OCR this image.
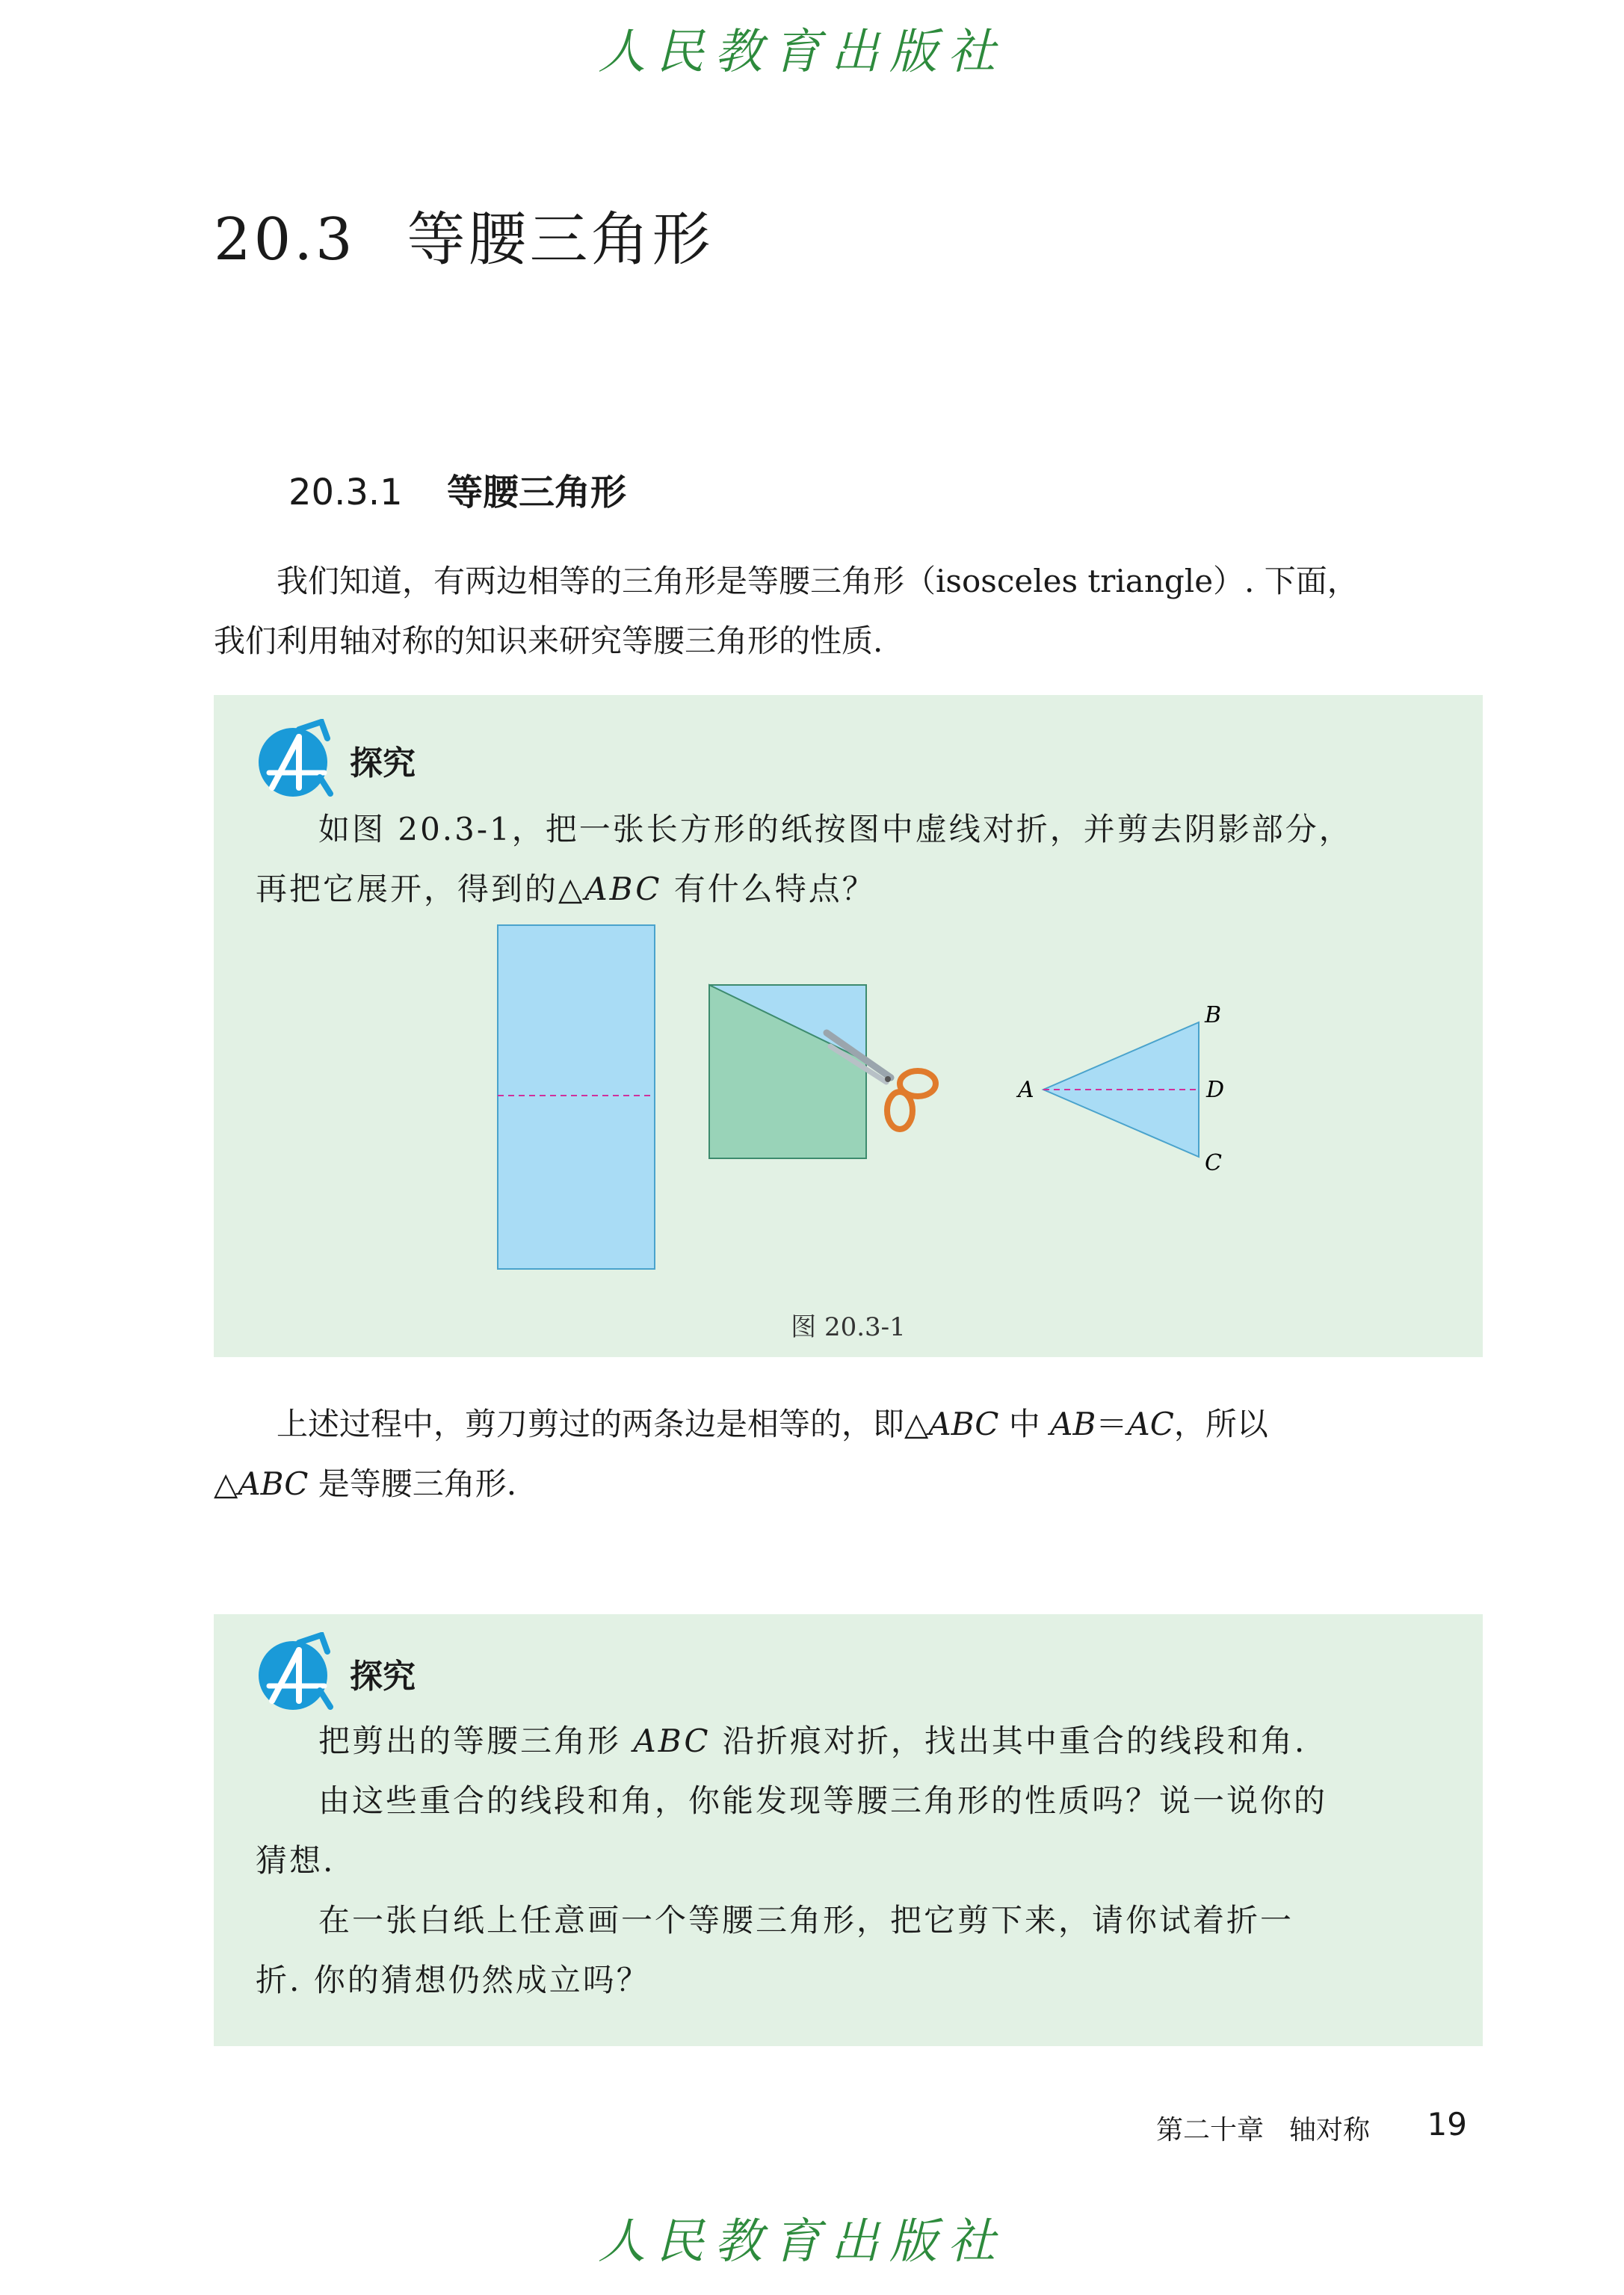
人民教育出版社
20.3 等腰三角形
20.3.1 等腰三角形
我们知道，有两边相等的三角形是等腰三角形（isosceles triangle）. 下面，
我们利用轴对称的知识来研究等腰三角形的性质.
探究
如图 20.3-1，把一张长方形的纸按图中虚线对折，并剪去阴影部分，
再把它展开，得到的△ABC 有什么特点？
A
B
D
C
图 20.3-1
上述过程中，剪刀剪过的两条边是相等的，即△ABC 中 AB＝AC，所以
△ABC 是等腰三角形.
探究
把剪出的等腰三角形 ABC 沿折痕对折，找出其中重合的线段和角.
由这些重合的线段和角，你能发现等腰三角形的性质吗？说一说你的
猜想.
在一张白纸上任意画一个等腰三角形，把它剪下来，请你试着折一
折. 你的猜想仍然成立吗？
第二十章 轴对称 19
人民教育出版社
